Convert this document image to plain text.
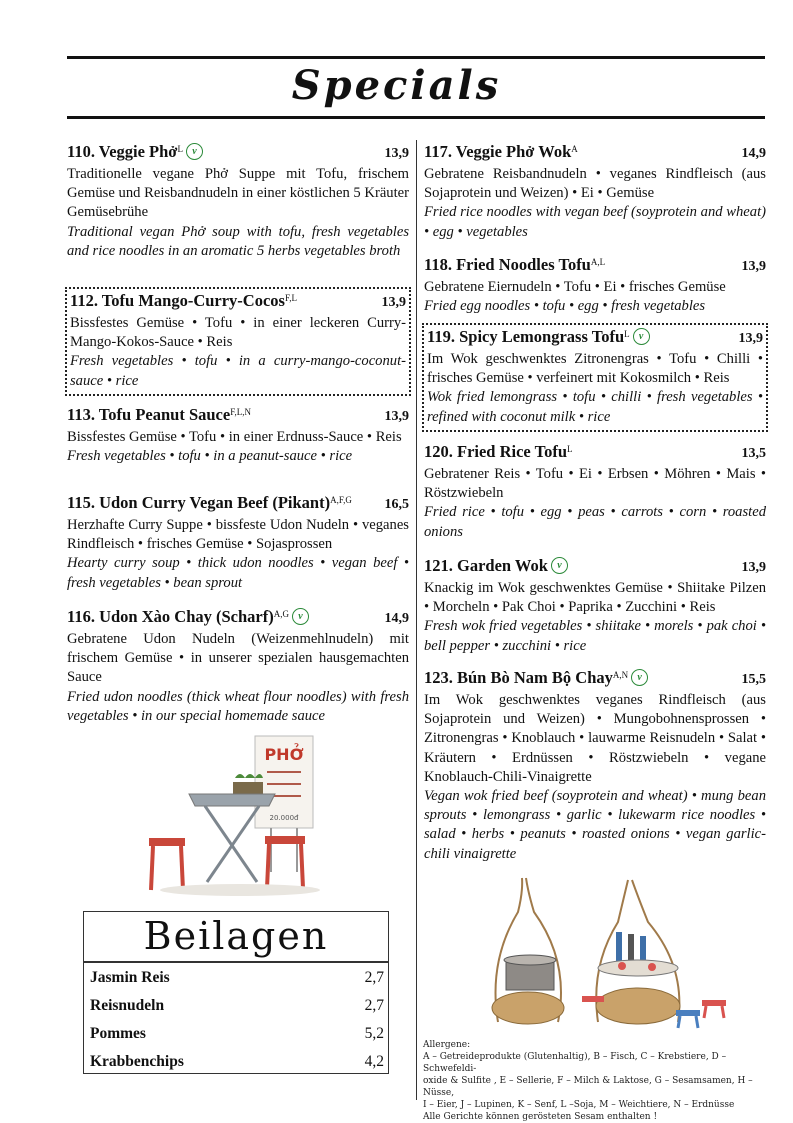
Specials
110. Veggie Phở$^L$ v	13,9
Traditionelle vegane Phở Suppe mit Tofu, frischem Gemüse und Reisbandnudeln in einer köstlichen 5 Kräuter Gemüsebrühe
Traditional vegan Phở soup with tofu, fresh vegetables and rice noodles in an aromatic 5 herbs vegetables broth
112. Tofu Mango-Curry-Cocos$^{F,L}$	13,9
Bissfestes Gemüse • Tofu • in einer leckeren Curry-Mango-Kokos-Sauce • Reis
Fresh vegetables • tofu • in a curry-mango-coconut-sauce • rice
113. Tofu Peanut Sauce$^{F,L,N}$	13,9
Bissfestes Gemüse • Tofu • in einer Erdnuss-Sauce • Reis
Fresh vegetables • tofu • in a peanut-sauce • rice
115. Udon Curry Vegan Beef (Pikant)$^{A,F,G}$ 16,5
Herzhafte Curry Suppe • bissfeste Udon Nudeln • veganes Rindfleisch • frisches Gemüse • Sojasprossen
Hearty curry soup • thick udon noodles • vegan beef • fresh vegetables • bean sprout
116. Udon Xào Chay (Scharf)$^{A,G}$ v	14,9
Gebratene Udon Nudeln (Weizenmehlnudeln) mit frischem Gemüse • in unserer spezialen hausgemachten Sauce
Fried udon noodles (thick wheat flour noodles) with fresh vegetables • in our special homemade sauce
PHỞ
20.000đ
Beilagen
Jasmin Reis	2,7
Reisnudeln	2,7
Pommes	5,2
Krabbenchips	4,2
117. Veggie Phở Wok$^A$	14,9
Gebratene Reisbandnudeln • veganes Rindfleisch (aus Sojaprotein und Weizen) • Ei • Gemüse
Fried rice noodles with vegan beef (soyprotein and wheat) • egg • vegetables
118. Fried Noodles Tofu$^{A,L}$	13,9
Gebratene Eiernudeln • Tofu • Ei • frisches Gemüse
Fried egg noodles • tofu • egg • fresh vegetables
119. Spicy Lemongrass Tofu$^L$ v	13,9
Im Wok geschwenktes Zitronengras • Tofu • Chilli • frisches Gemüse • verfeinert mit Kokosmilch • Reis
Wok fried lemongrass • tofu • chilli • fresh vegetables • refined with coconut milk • rice
120. Fried Rice Tofu$^L$	13,5
Gebratener Reis • Tofu • Ei • Erbsen • Möhren • Mais • Röstzwiebeln
Fried rice • tofu • egg • peas • carrots • corn • roasted onions
121. Garden Wok v	13,9
Knackig im Wok geschwenktes Gemüse • Shiitake Pilzen • Morcheln • Pak Choi • Paprika • Zucchini • Reis
Fresh wok fried vegetables • shiitake • morels • pak choi • bell pepper • zucchini • rice
123. Bún Bò Nam Bộ Chay$^{A,N}$ v	15,5
Im Wok geschwenktes veganes Rindfleisch (aus Sojaprotein und Weizen) • Mungobohnensprossen • Zitronengras • Knoblauch • lauwarme Reisnudeln • Salat • Kräutern • Erdnüssen • Röstzwiebeln • vegane Knoblauch-Chili-Vinaigrette
Vegan wok fried beef (soyprotein and wheat) • mung bean sprouts • lemongrass • garlic • lukewarm rice noodles • salad • herbs • peanuts • roasted onions • vegan garlic-chili vinaigrette
Allergene:
A – Getreideprodukte (Glutenhaltig), B – Fisch, C – Krebstiere, D – Schwefeldi-
oxide & Sulfite , E – Sellerie, F – Milch & Laktose, G – Sesamsamen, H – Nüsse,
I – Eier, J – Lupinen, K – Senf, L –Soja, M – Weichtiere, N – Erdnüsse
Alle Gerichte können gerösteten Sesam enthalten !
